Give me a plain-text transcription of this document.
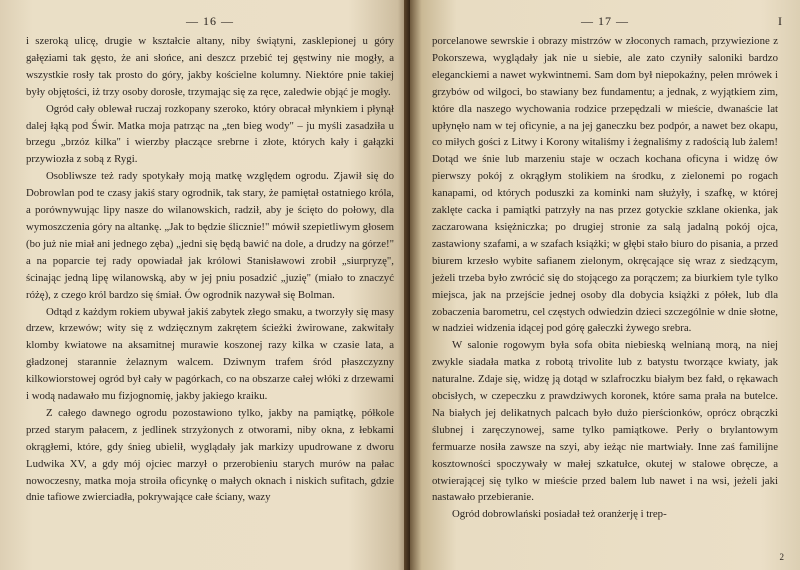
— 16 —

i szeroką ulicę, drugie w kształcie altany, niby świątyni, zasklepionej u góry gałęziami tak gęsto, że ani słońce, ani deszcz przebić tej gęstwiny nie mogły, a wszystkie rosły tak prosto do góry, jakby kościelne kolumny. Niektóre pnie takiej były objętości, iż trzy osoby dorosłe, trzymając się za ręce, zaledwie objąć je mogły.

Ogród cały oblewał ruczaj rozkopany szeroko, który obracał młynkiem i płynął dalej łąką pod Świr. Matka moja patrząc na „ten bieg wody" ‒ ju myśli zasadziła u brzegu „brzóz kilka" i wierzby płaczące srebrne i złote, których kały i gałązki przywiozła z sobą z Rygi.

Osobliwsze też rady spotykały moją matkę względem ogrodu. Zjawił się do Dobrowlan pod te czasy jakiś stary ogrodnik, tak stary, że pamiętał ostatniego króla, a porównywując lipy nasze do wilanowskich, radził, aby je ścięto do połowy, dla wymoszczenia góry na altankę. „Jak to będzie ślicznie!" mówił szepietliwym głosem (bo już nie miał ani jednego zęba) „jedni się będą bawić na dole, a drudzy na górze!" a na poparcie tej rady opowiadał jak królowi Stanisławowi zrobił „siurpryzę", ścinając jedną lipę wilanowską, aby w jej pniu posadzić „juzię" (miało to znaczyć różę), z czego król bardzo się śmiał. Ów ogrodnik nazywał się Bolman.

Odtąd z każdym rokiem ubywał jakiś zabytek złego smaku, a tworzyły się masy drzew, krzewów; wity się z wdzięcznym zakrętem ścieżki żwirowane, zakwitały klomby kwiatowe na aksamitnej murawie koszonej razy kilka w czasie lata, a gładzonej starannie żelaznym walcem. Dziwnym trafem śród płaszczyzny kilkowiorstowej ogród był cały w pagórkach, co na obszarze całej włóki z drzewami i wodą nadawało mu fizjognomię, jakby jakiego kraiku.

Z całego dawnego ogrodu pozostawiono tylko, jakby na pamiątkę, półkole przed starym pałacem, z jedlinek strzyżonych z otworami, niby okna, z łebkami okrągłemi, które, gdy śnieg ubielił, wyglądały jak markizy upudrowane z dworu Ludwika XV, a gdy mój ojciec marzył o przerobieniu starych murów na pałac nowoczesny, matka moja stroiła oficynkę o małych oknach i niskich sufitach, gdzie dnie tafiowe zwierciadła, pokrywające całe ściany, wazy

— 17 —	I

porcelanowe sewrskie i obrazy mistrzów w złoconych ramach, przywiezione z Pokorszewa, wyglądały jak nie u siebie, ale zato czyniły saloniki bardzo eleganckiemi a nawet wykwintnemi. Sam dom był niepokaźny, pełen mrówek i grzybów od wilgoci, bo stawiany bez fundamentu; a jednak, z wyjątkiem zim, które dla naszego wychowania rodzice przepędzali w mieście, dwanaście lat upłynęło nam w tej oficynie, a na jej ganeczku bez podpór, a nawet bez okapu, co miłych gości z Litwy i Korony witaliśmy i żegnaliśmy z radością lub żalem! Dotąd we śnie lub marzeniu staje w oczach kochana oficyna i widzę ów pierwszy pokój z okrągłym stolikiem na środku, z zielonemi po rogach kanapami, od których poduszki za kominki nam służyły, i szafkę, w której zaklęte cacka i pamiątki patrzyły na nas przez gotyckie szklane okienka, jak zaczarowana księżniczka; po drugiej stronie za salą jadalną pokój ojca, zastawiony szafami, a w szafach książki; w głębi stało biuro do pisania, a przed biurem krzesło wybite safianem zielonym, okręcające się wraz z siedzącym, jeżeli trzeba było zwrócić się do stojącego za porączem; za biurkiem tyle tylko miejsca, jak na przejście jednej osoby dla dobycia książki z półek, lub dla zobaczenia barometru, cel częstych odwiedzin dzieci szczególnie w dnie słotne, w nadziei widzenia idącej pod górę gałeczki żywego srebra.

W salonie rogowym była sofa obita niebieską welnianą morą, na niej zwykle siadała matka z robotą trivolite lub z batystu tworzące kwiaty, jak naturalne. Zdaje się, widzę ją dotąd w szlafroczku białym bez fałd, o rękawach obcisłych, w czepeczku z prawdziwych koronek, które sama prała na butelce. Na białych jej delikatnych palcach było dużo pierścionków, oprócz obrączki ślubnej i zaręczynowej, same tylko pamiątkowe. Perły o brylantowym fermuarze nosiła zawsze na szyi, aby ieżąc nie martwiały. Inne zaś familijne kosztowności spoczywały w małej szkatułce, okutej w stalowe obręcze, a otwierającej się tylko w mieście przed balem lub nawet i na wsi, jeżeli jaki nastawało przebieranie.

Ogród dobrowlański posiadał też oranżerję i trep-

2
